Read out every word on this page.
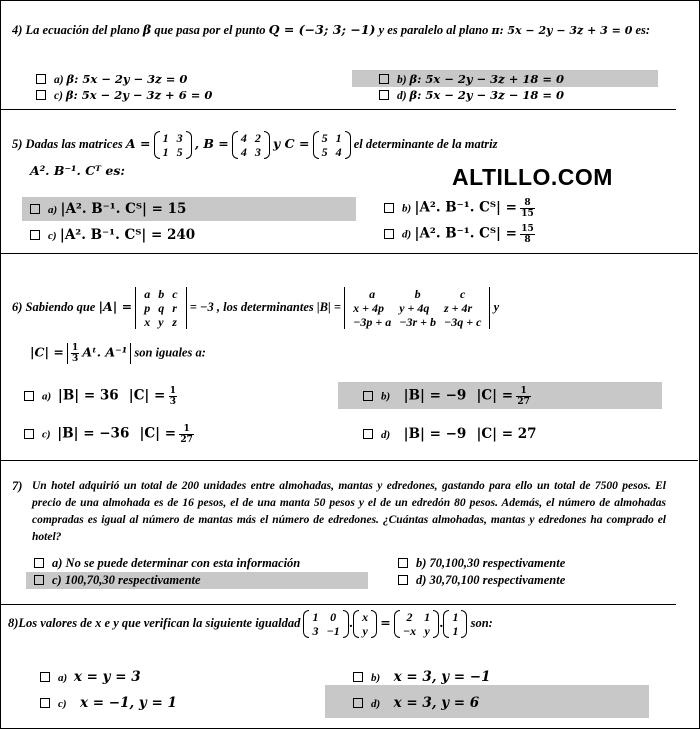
ALTILLO.COM
4) La ecuación del plano β que pasa por el punto Q = (−3; 3; −1) y es paralelo al plano π: 5x − 2y − 3z + 3 = 0 es:
a) β: 5x − 2y − 3z = 0	b) β: 5x − 2y − 3z + 18 = 0
c) β: 5x − 2y − 3z + 6 = 0	d) β: 5x − 2y − 3z − 18 = 0
5) Dadas las matrices A = 1	3
1	5
, B = 4	2
4	3
y C = 5	1
5	4
el determinante de la matriz
A². B⁻¹. Cᵀ es:
a) |A². B⁻¹. Cᵀ| = 15	b) |A². B⁻¹. Cᵀ| = $\frac{8}{15}$
c) |A². B⁻¹. Cᵀ| = 240	d) |A². B⁻¹. Cᵀ| = $\frac{15}{8}$
6) Sabiendo que |A| =
a	b	c
p	q	r
x	y	z
= −3 , los determinantes |B| =
a	b	c
x + 4p	y + 4q	z + 4r
−3p + a	−3r + b	−3q + c
y
$|C| = \frac{1}{3}$ Aᵗ. A⁻¹ son iguales a:
a) |B| = 36 $|C| = \frac{1}{3}$	b) |B| = −9 $|C| = \frac{1}{27}$
c) |B| = −36 $|C| = \frac{1}{27}$	d) |B| = −9 |C| = 27
7) Un hotel adquirió un total de 200 unidades entre almohadas, mantas y edredones, gastando para ello un total de 7500 pesos. El precio de una almohada es de 16 pesos, el de una manta 50 pesos y el de un edredón 80 pesos. Además, el número de almohadas compradas es igual al número de mantas más el número de edredones. ¿Cuántas almohadas, mantas y edredones ha comprado el hotel?
a) No se puede determinar con esta información	b) 70,100,30 respectivamente
c) 100,70,30 respectivamente	d) 30,70,100 respectivamente
8)Los valores de x e y que verifican la siguiente igualdad 1	0
3	−1
. x
y
= 2	1
−x	y
. 1
1
son:
a) x = y = 3	b) x = 3, y = −1
c) x = −1, y = 1	d) x = 3, y = 6
